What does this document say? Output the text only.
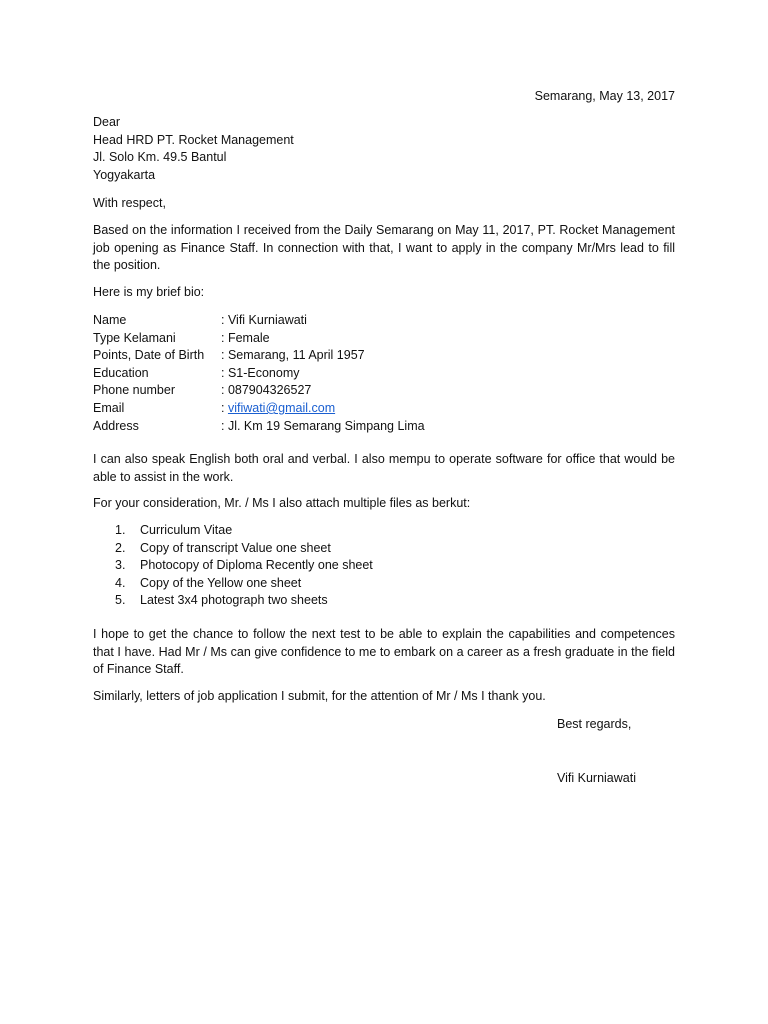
Semarang, May 13, 2017
Dear
Head HRD PT. Rocket Management
Jl. Solo Km. 49.5 Bantul
Yogyakarta
With respect,
Based on the information I received from the Daily Semarang on May 11, 2017, PT. Rocket Management job opening as Finance Staff. In connection with that, I want to apply in the company Mr/Mrs lead to fill the position.
Here is my brief bio:
Name	: Vifi Kurniawati
Type Kelamani	: Female
Points, Date of Birth : Semarang, 11 April 1957
Education	: S1-Economy
Phone number	: 087904326527
Email	: vifiwati@gmail.com
Address	: Jl. Km 19 Semarang Simpang Lima
I can also speak English both oral and verbal. I also mempu to operate software for office that would be able to assist in the work.
For your consideration, Mr. / Ms I also attach multiple files as berkut:
1. Curriculum Vitae
2. Copy of transcript Value one sheet
3. Photocopy of Diploma Recently one sheet
4. Copy of the Yellow one sheet
5. Latest 3x4 photograph two sheets
I hope to get the chance to follow the next test to be able to explain the capabilities and competences that I have. Had Mr / Ms can give confidence to me to embark on a career as a fresh graduate in the field of Finance Staff.
Similarly, letters of job application I submit, for the attention of Mr / Ms I thank you.
Best regards,
Vifi Kurniawati
